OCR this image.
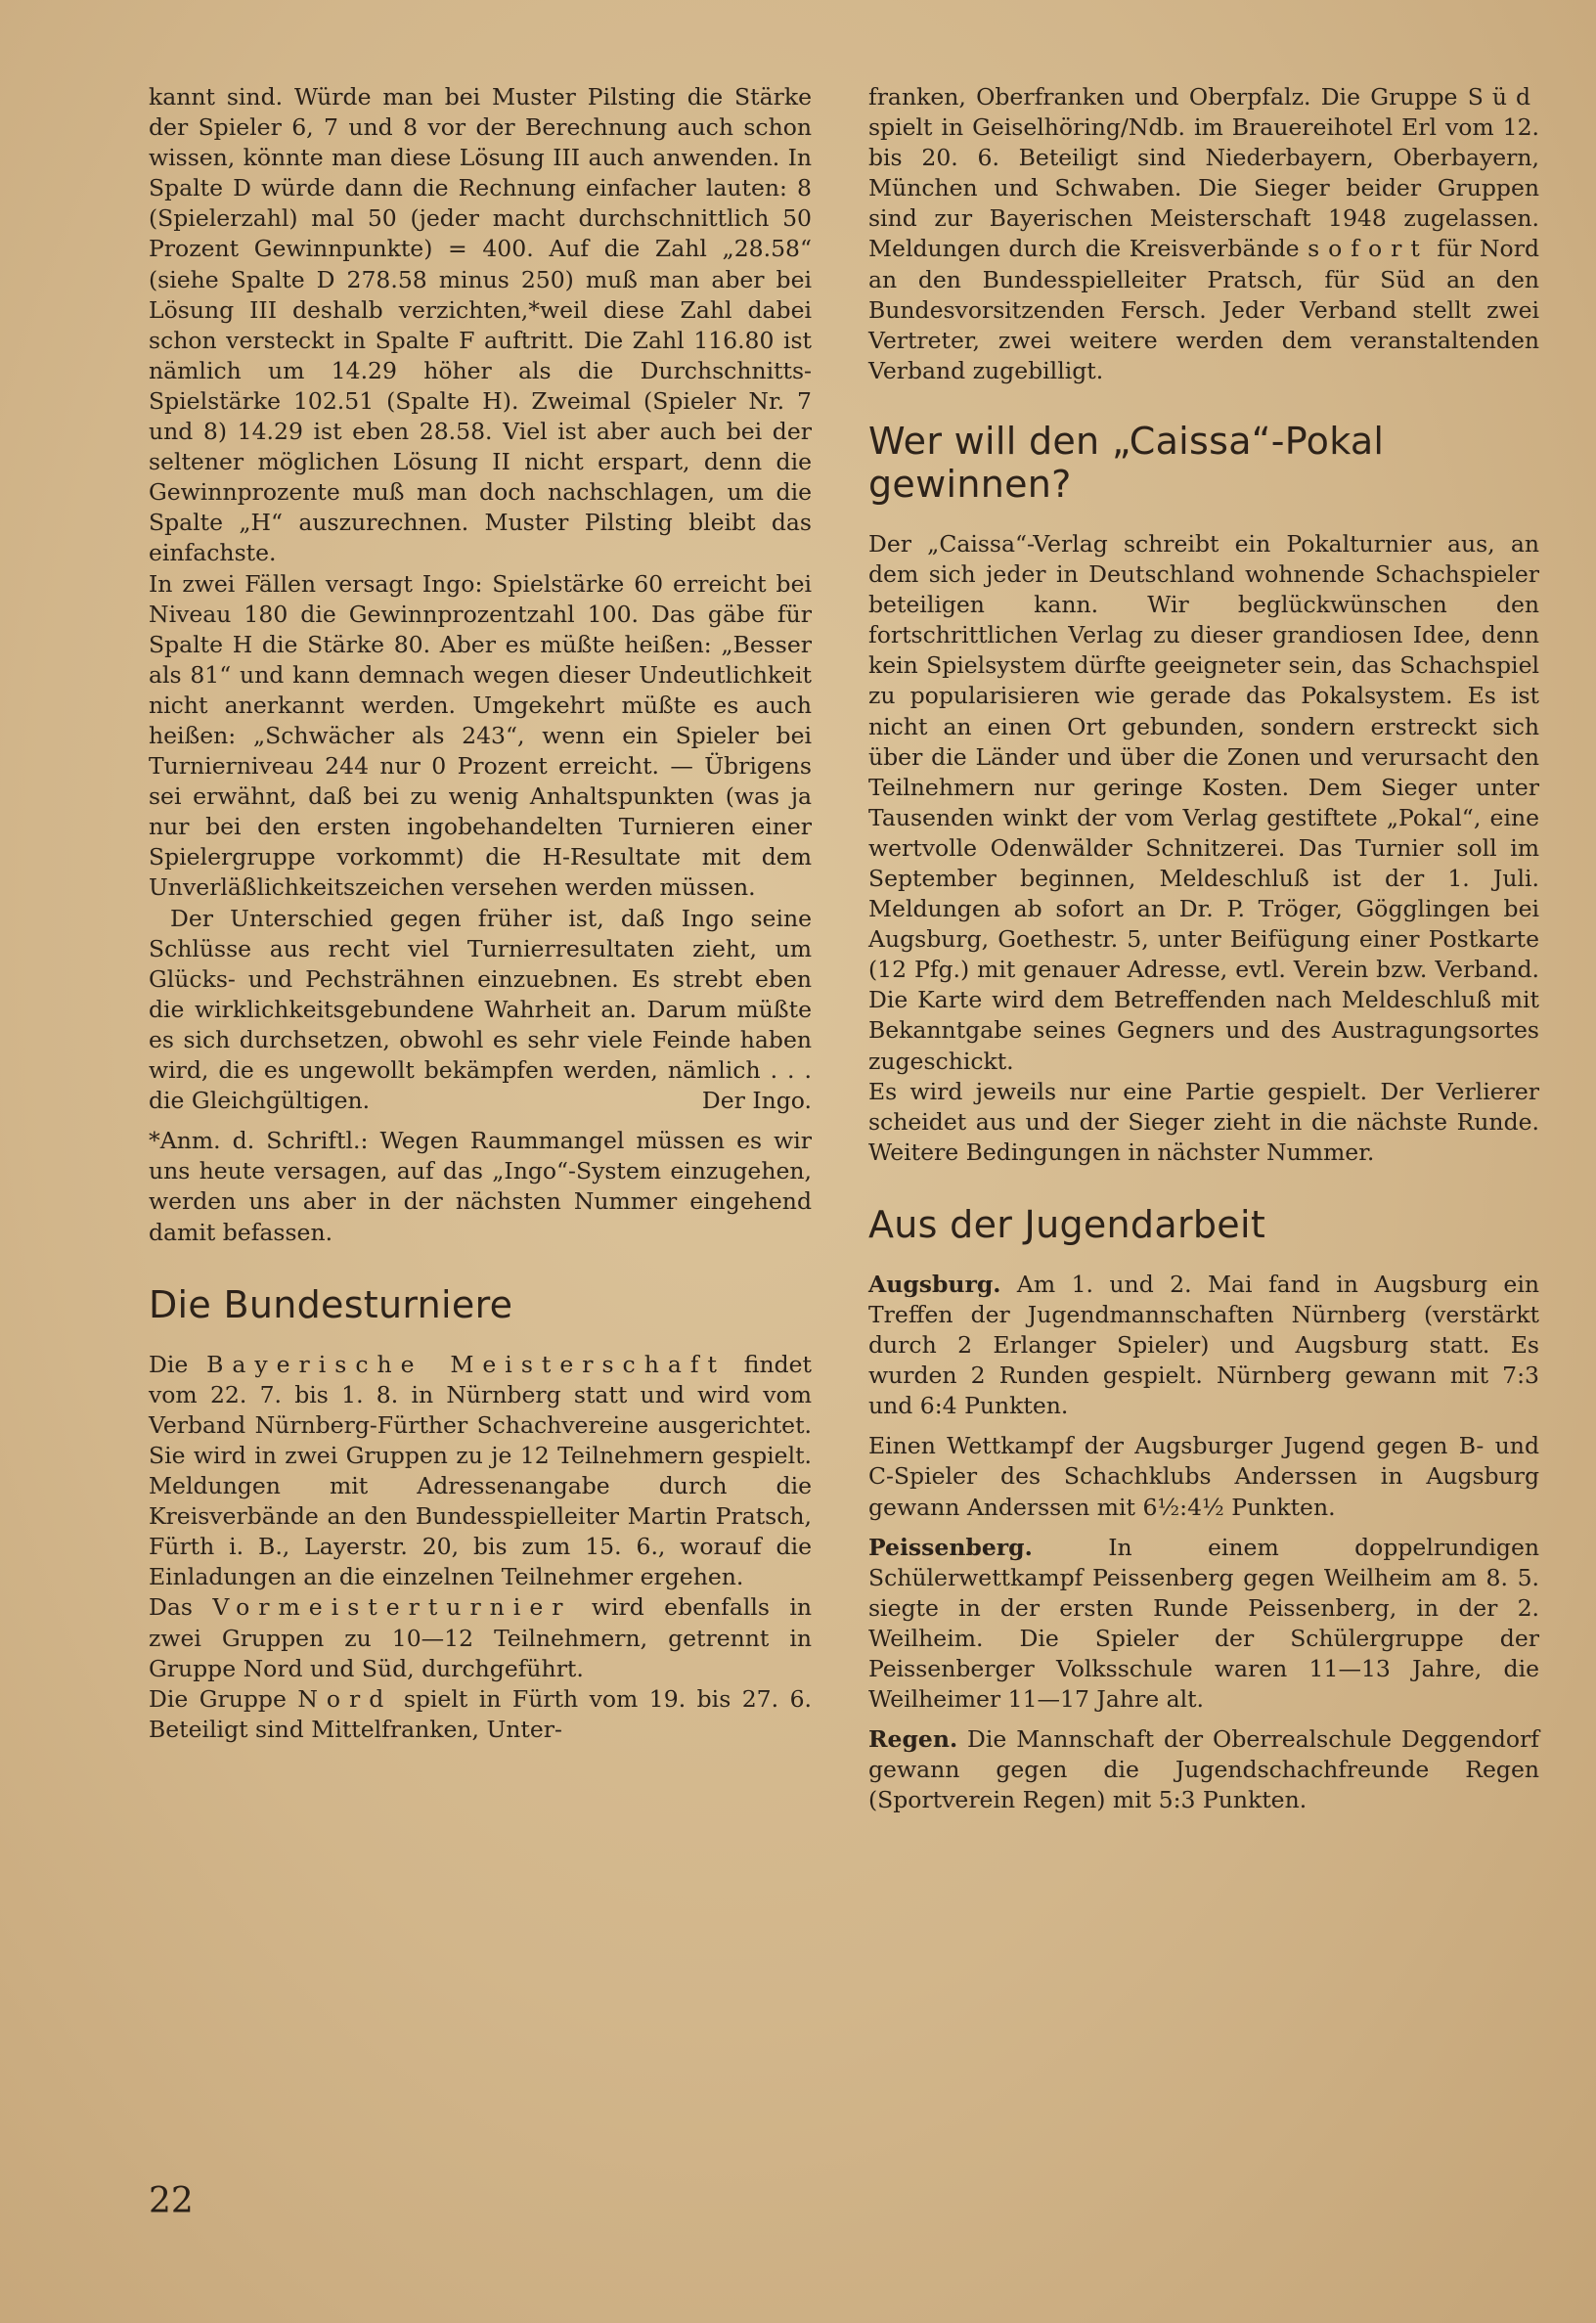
kannt sind. Würde man bei Muster Pilsting die Stärke der Spieler 6, 7 und 8 vor der Berechnung auch schon wissen, könnte man diese Lösung III auch anwenden. In Spalte D würde dann die Rechnung einfacher lauten: 8 (Spielerzahl) mal 50 (jeder macht durchschnittlich 50 Prozent Gewinnpunkte) = 400. Auf die Zahl „28.58“ (siehe Spalte D 278.58 minus 250) muß man aber bei Lösung III deshalb verzichten,*weil diese Zahl dabei schon versteckt in Spalte F auftritt. Die Zahl 116.80 ist nämlich um 14.29 höher als die Durchschnitts-Spielstärke 102.51 (Spalte H). Zweimal (Spieler Nr. 7 und 8) 14.29 ist eben 28.58. Viel ist aber auch bei der seltener möglichen Lösung II nicht erspart, denn die Gewinnprozente muß man doch nachschlagen, um die Spalte „H“ auszurechnen. Muster Pilsting bleibt das einfachste.

In zwei Fällen versagt Ingo: Spielstärke 60 erreicht bei Niveau 180 die Gewinnprozentzahl 100. Das gäbe für Spalte H die Stärke 80. Aber es müßte heißen: „Besser als 81“ und kann demnach wegen dieser Undeutlichkeit nicht anerkannt werden. Umgekehrt müßte es auch heißen: „Schwächer als 243“, wenn ein Spieler bei Turnierniveau 244 nur 0 Prozent erreicht. — Übrigens sei erwähnt, daß bei zu wenig Anhaltspunkten (was ja nur bei den ersten ingobehandelten Turnieren einer Spielergruppe vorkommt) die H-Resultate mit dem Unverläßlichkeitszeichen versehen werden müssen.

Der Unterschied gegen früher ist, daß Ingo seine Schlüsse aus recht viel Turnierresultaten zieht, um Glücks- und Pechsträhnen einzuebnen. Es strebt eben die wirklichkeitsgebundene Wahrheit an. Darum müßte es sich durchsetzen, obwohl es sehr viele Feinde haben wird, die es ungewollt bekämpfen werden, nämlich . . . die Gleichgültigen.	Der Ingo.

*Anm. d. Schriftl.: Wegen Raummangel müssen es wir uns heute versagen, auf das „Ingo“-System einzugehen, werden uns aber in der nächsten Nummer eingehend damit befassen.

Die Bundesturniere

Die Bayerische Meisterschaft findet vom 22. 7. bis 1. 8. in Nürnberg statt und wird vom Verband Nürnberg-Fürther Schachvereine ausgerichtet. Sie wird in zwei Gruppen zu je 12 Teilnehmern gespielt. Meldungen mit Adressenangabe durch die Kreisverbände an den Bundesspielleiter Martin Pratsch, Fürth i. B., Layerstr. 20, bis zum 15. 6., worauf die Einladungen an die einzelnen Teilnehmer ergehen.

Das Vormeisterturnier wird ebenfalls in zwei Gruppen zu 10—12 Teilnehmern, getrennt in Gruppe Nord und Süd, durchgeführt.

Die Gruppe Nord spielt in Fürth vom 19. bis 27. 6. Beteiligt sind Mittelfranken, Unter-

franken, Oberfranken und Oberpfalz. Die Gruppe Süd spielt in Geiselhöring/Ndb. im Brauereihotel Erl vom 12. bis 20. 6. Beteiligt sind Niederbayern, Oberbayern, München und Schwaben. Die Sieger beider Gruppen sind zur Bayerischen Meisterschaft 1948 zugelassen. Meldungen durch die Kreisverbände sofort für Nord an den Bundesspielleiter Pratsch, für Süd an den Bundesvorsitzenden Fersch. Jeder Verband stellt zwei Vertreter, zwei weitere werden dem veranstaltenden Verband zugebilligt.

Wer will den „Caissa“-Pokal gewinnen?

Der „Caissa“-Verlag schreibt ein Pokalturnier aus, an dem sich jeder in Deutschland wohnende Schachspieler beteiligen kann. Wir beglückwünschen den fortschrittlichen Verlag zu dieser grandiosen Idee, denn kein Spielsystem dürfte geeigneter sein, das Schachspiel zu popularisieren wie gerade das Pokalsystem. Es ist nicht an einen Ort gebunden, sondern erstreckt sich über die Länder und über die Zonen und verursacht den Teilnehmern nur geringe Kosten. Dem Sieger unter Tausenden winkt der vom Verlag gestiftete „Pokal“, eine wertvolle Odenwälder Schnitzerei. Das Turnier soll im September beginnen, Meldeschluß ist der 1. Juli. Meldungen ab sofort an Dr. P. Tröger, Gögglingen bei Augsburg, Goethestr. 5, unter Beifügung einer Postkarte (12 Pfg.) mit genauer Adresse, evtl. Verein bzw. Verband. Die Karte wird dem Betreffenden nach Meldeschluß mit Bekanntgabe seines Gegners und des Austragungsortes zugeschickt.

Es wird jeweils nur eine Partie gespielt. Der Verlierer scheidet aus und der Sieger zieht in die nächste Runde. Weitere Bedingungen in nächster Nummer.

Aus der Jugendarbeit

Augsburg. Am 1. und 2. Mai fand in Augsburg ein Treffen der Jugendmannschaften Nürnberg (verstärkt durch 2 Erlanger Spieler) und Augsburg statt. Es wurden 2 Runden gespielt. Nürnberg gewann mit 7:3 und 6:4 Punkten.

Einen Wettkampf der Augsburger Jugend gegen B- und C-Spieler des Schachklubs Anderssen in Augsburg gewann Anderssen mit 6½:4½ Punkten.

Peissenberg. In einem doppelrundigen Schülerwettkampf Peissenberg gegen Weilheim am 8. 5. siegte in der ersten Runde Peissenberg, in der 2. Weilheim. Die Spieler der Schülergruppe der Peissenberger Volksschule waren 11—13 Jahre, die Weilheimer 11—17 Jahre alt.

Regen. Die Mannschaft der Oberrealschule Deggendorf gewann gegen die Jugendschachfreunde Regen (Sportverein Regen) mit 5:3 Punkten.

22
